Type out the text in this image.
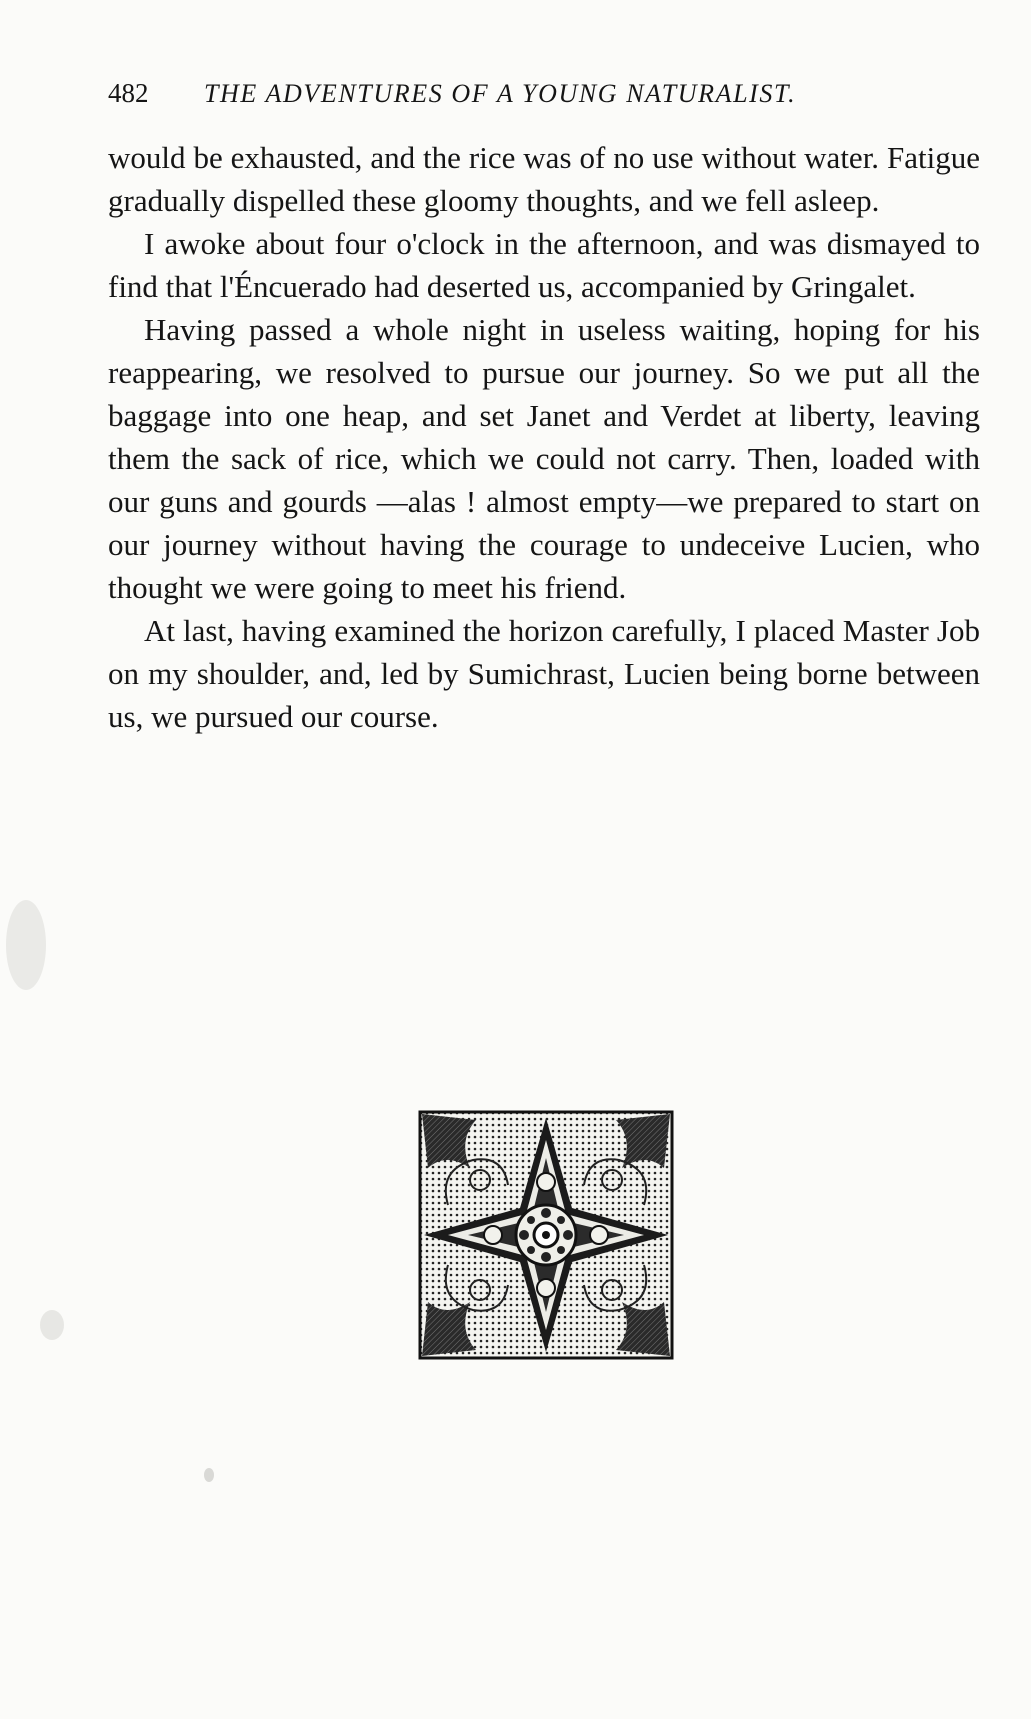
482 THE ADVENTURES OF A YOUNG NATURALIST.

would be exhausted, and the rice was of no use without water. Fatigue gradually dispelled these gloomy thoughts, and we fell asleep.

I awoke about four o'clock in the afternoon, and was dismayed to find that l'Éncuerado had deserted us, accompanied by Gringalet.

Having passed a whole night in useless waiting, hoping for his reappearing, we resolved to pursue our journey. So we put all the baggage into one heap, and set Janet and Verdet at liberty, leaving them the sack of rice, which we could not carry. Then, loaded with our guns and gourds —alas ! almost empty—we prepared to start on our journey without having the courage to undeceive Lucien, who thought we were going to meet his friend.

At last, having examined the horizon carefully, I placed Master Job on my shoulder, and, led by Sumichrast, Lucien being borne between us, we pursued our course.
